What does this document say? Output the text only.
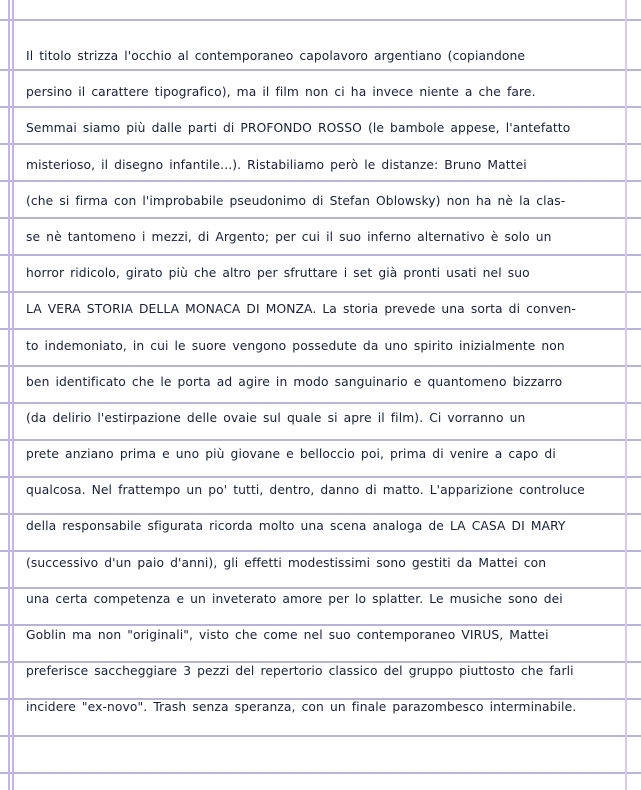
Il titolo strizza l'occhio al contemporaneo capolavoro argentiano (copiandone
persino il carattere tipografico), ma il film non ci ha invece niente a che fare.
Semmai siamo più dalle parti di PROFONDO ROSSO (le bambole appese, l'antefatto
misterioso, il disegno infantile...). Ristabiliamo però le distanze: Bruno Mattei
(che si firma con l'improbabile pseudonimo di Stefan Oblowsky) non ha nè la clas-
se nè tantomeno i mezzi, di Argento; per cui il suo inferno alternativo è solo un
horror ridicolo, girato più che altro per sfruttare i set già pronti usati nel suo
LA VERA STORIA DELLA MONACA DI MONZA. La storia prevede una sorta di conven-
to indemoniato, in cui le suore vengono possedute da uno spirito inizialmente non
ben identificato che le porta ad agire in modo sanguinario e quantomeno bizzarro
(da delirio l'estirpazione delle ovaie sul quale si apre il film). Ci vorranno un
prete anziano prima e uno più giovane e belloccio poi, prima di venire a capo di
qualcosa. Nel frattempo un po' tutti, dentro, danno di matto. L'apparizione controluce
della responsabile sfigurata ricorda molto una scena analoga de LA CASA DI MARY
(successivo d'un paio d'anni), gli effetti modestissimi sono gestiti da Mattei con
una certa competenza e un inveterato amore per lo splatter. Le musiche sono dei
Goblin ma non "originali", visto che come nel suo contemporaneo VIRUS, Mattei
preferisce saccheggiare 3 pezzi del repertorio classico del gruppo piuttosto che farli
incidere "ex-novo". Trash senza speranza, con un finale parazombesco interminabile.
